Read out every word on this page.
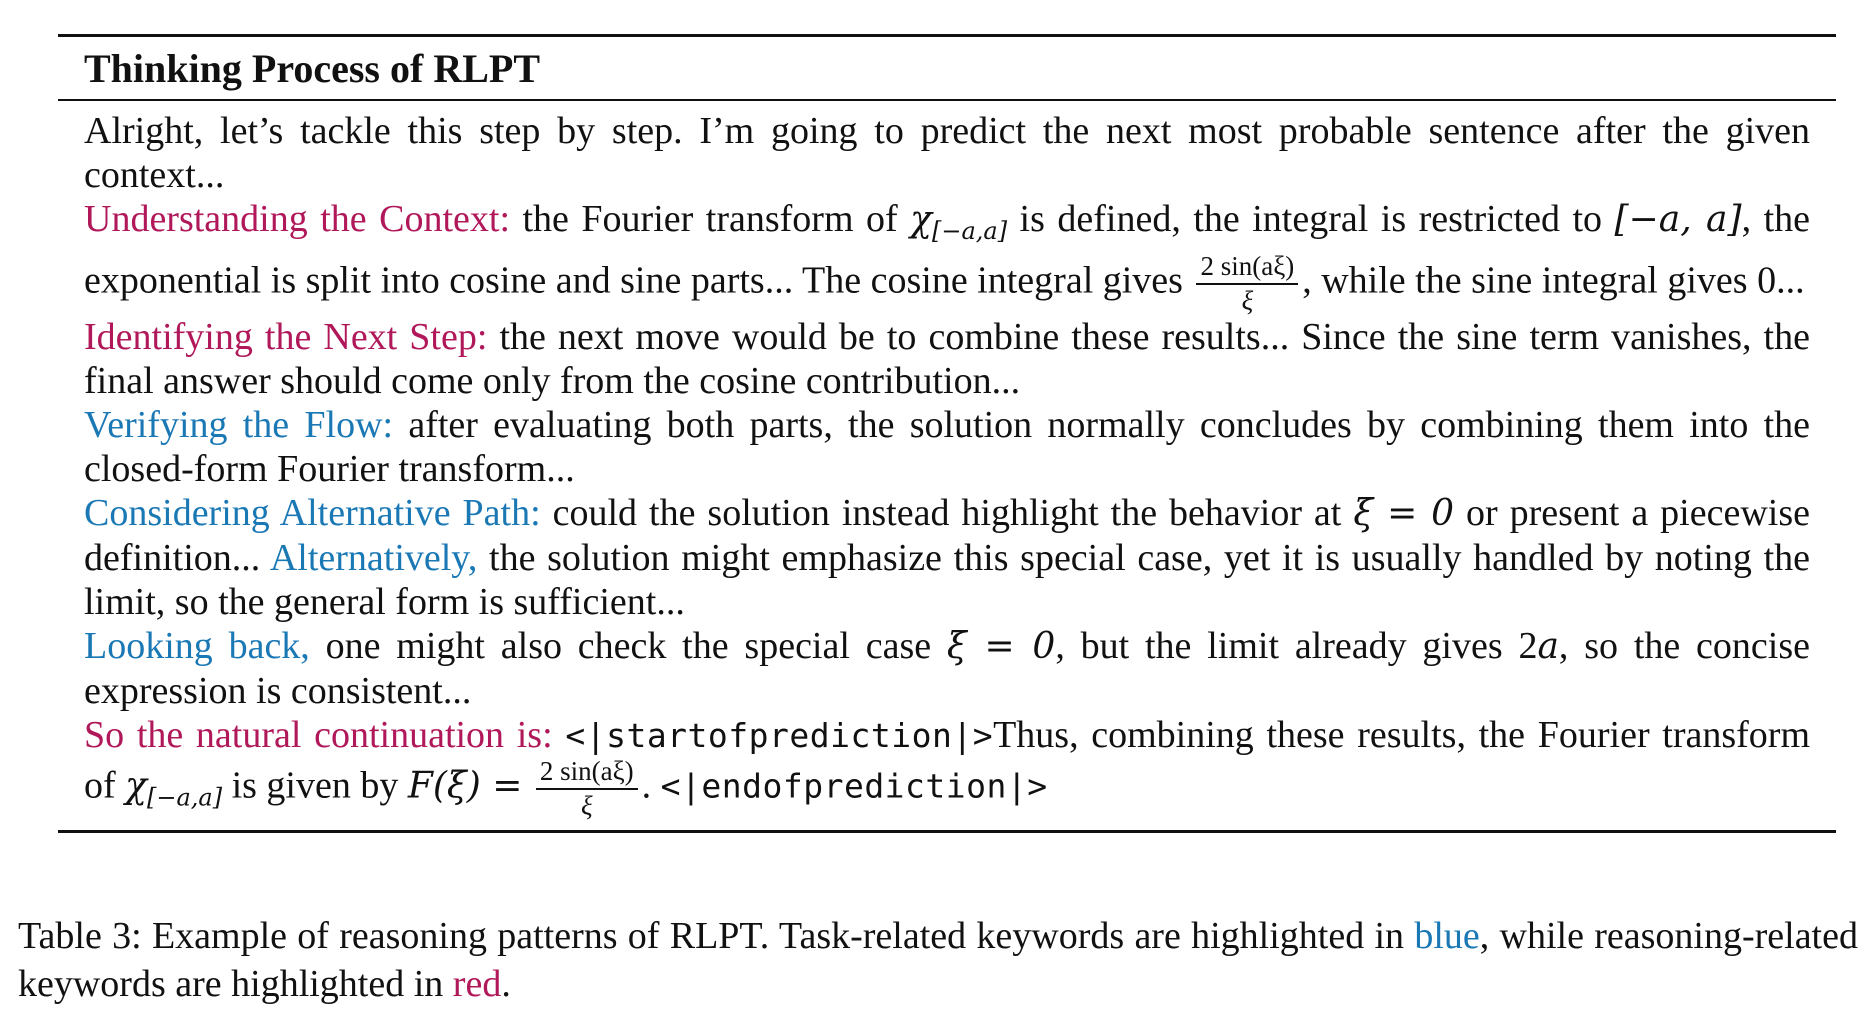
Thinking Process of RLPT

Alright, let’s tackle this step by step. I’m going to predict the next most probable sentence after the given context...

Understanding the Context: the Fourier transform of $\chi_{[-a,a]}$ is defined, the integral is restricted to [−a, a], the exponential is split into cosine and sine parts... The cosine integral gives $\frac{2 \sin(a\xi)}{\xi}$ , while the sine integral gives 0...

Identifying the Next Step: the next move would be to combine these results... Since the sine term vanishes, the final answer should come only from the cosine contribution...

Verifying the Flow: after evaluating both parts, the solution normally concludes by combining them into the closed-form Fourier transform...

Considering Alternative Path: could the solution instead highlight the behavior at ξ = 0 or present a piecewise definition... Alternatively, the solution might emphasize this special case, yet it is usually handled by noting the limit, so the general form is sufficient...

Looking back, one might also check the special case ξ = 0, but the limit already gives 2a, so the concise expression is consistent...

So the natural continuation is: <|startofprediction|>Thus, combining these results, the Fourier transform of $\chi_{[-a,a]}$ is given by $F(\xi) = \frac{2 \sin(a\xi)}{\xi}$ . <|endofprediction|>

Table 3: Example of reasoning patterns of RLPT. Task-related keywords are highlighted in blue, while reasoning-related keywords are highlighted in red.
